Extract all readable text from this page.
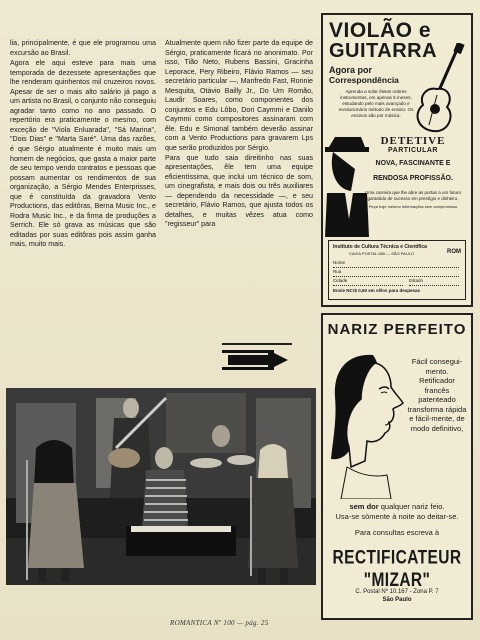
lia, principalmente, é que ele programou uma excursão ao Brasil.

Agora ele aqui esteve para mais uma temporada de dezessete apresentações que lhe renderam quinhentos mil cruzeiros novos. Apesar de ser o mais alto salário já pago a um artista no Brasil, o conjunto não conseguiu agradar tanto como no ano passado. O repertório era praticamente o mesmo, com exceção de "Viola Enluarada", "Sá Marina", "Dois Dias" e "Marta Saré". Uma das razões, é que Sérgio atualmente é muito mais um homem de negócios, que gasta a maior parte de seu tempo vendo contratos e pessoas que possam aumentar os rendimentos de sua organização, a Sérgio Mendes Enterprisses, que é constituída da gravadora Vento Productions, das editôras, Berna Music Inc., e Rodra Music Inc., e da firma de produções a Serrich. Ele só grava as músicas que são editadas por suas editôras pois assim ganha mais, muito mais.

Atualmente quem não fizer parte da equipe de Sérgio, praticamente ficará no anonimato. Por isso, Tião Neto, Rubens Bassini, Gracinha Leporace, Pery Ribeiro, Flávio Ramos — seu secretário particular —, Manfredo Fast, Ronnie Mesquita, Otávio Bailly Jr., Do Um Romão, Laudir Soares, como componentes dos conjuntos e Edu Lôbo, Dori Caymmi e Danilo Caymmi como compositores assinaram com êle. Edu e Simonal também deverão assinar com a Vento Productions para gravarem Lps que serão produzidos por Sérgio.

Para que tudo saia direitinho nas suas apresentações, êle tem uma equipe eficientíssima, que inclui um técnico de som, um cinegrafista, e mais dois ou três auxiliares — dependendo da necessidade —, e seu secretário, Flávio Ramos, que ajusta todos os detalhes, e muitas vêzes atua como "regisseur" para

ROMANTICA Nº 100 — pág. 25
VIOLÃO e
GUITARRA
Agora por
Correspondência
Aprenda a solar êsses nobres instrumentos, em apenas 5 meses, estudando pelo mais avançado e revolucionário método de ensino. Os ensinos são por música.
DETETIVE
PARTICULAR
NOVA, FASCINANTE E
RENDOSA PROFISSÃO.
Uma carreira que lhe abre as portas a um futuro garantido de sucesso em prestígio e dinheiro.
Peça hoje mesmo informações sem compromisso
Instituto de Cultura Técnica e Científica
CAIXA POSTAL 889 — SÃO PAULO	ROM
Nome
Rua
Cidade	Estado
Envie NCr$ 0,50 em sêlos para despesas
NARIZ PERFEITO
Fácil consegui-mento. Retificador francês patenteado transforma rápida e fácil-mente, de modo definitivo,
sem dor qualquer nariz feio.
Usa-se sòmente à noite ao deitar-se.
Para consultas escreva à
RECTIFICATEUR
"MIZAR"
C. Postal Nº 10.167 - Zona P. 7
São Paulo
